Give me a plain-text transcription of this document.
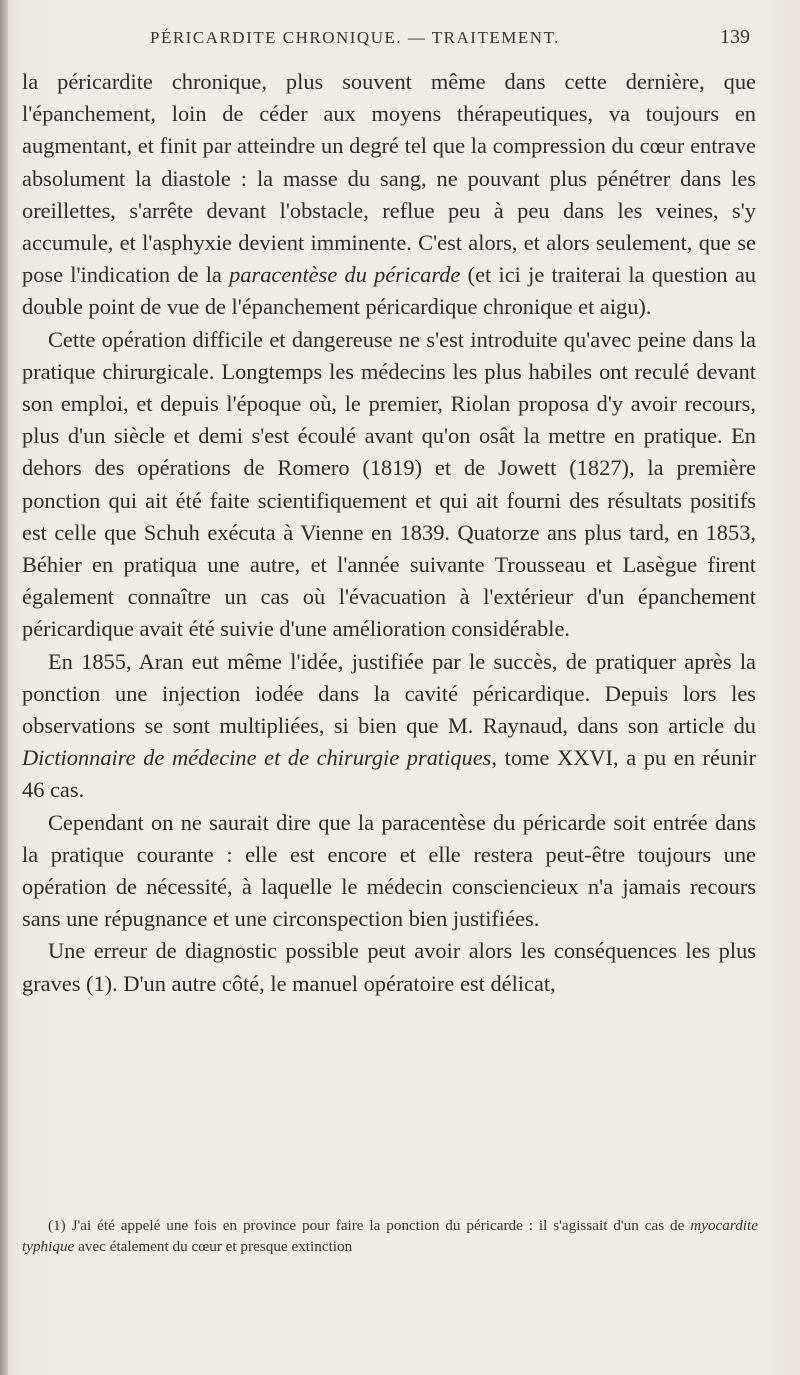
PÉRICARDITE CHRONIQUE. — TRAITEMENT.	139

la péricardite chronique, plus souvent même dans cette dernière, que l'épanchement, loin de céder aux moyens thérapeutiques, va toujours en augmentant, et finit par atteindre un degré tel que la compression du cœur entrave absolument la diastole : la masse du sang, ne pouvant plus pénétrer dans les oreillettes, s'arrête devant l'obstacle, reflue peu à peu dans les veines, s'y accumule, et l'asphyxie devient imminente. C'est alors, et alors seulement, que se pose l'indication de la paracentèse du péricarde (et ici je traiterai la question au double point de vue de l'épanchement péricardique chronique et aigu).

Cette opération difficile et dangereuse ne s'est introduite qu'avec peine dans la pratique chirurgicale. Longtemps les médecins les plus habiles ont reculé devant son emploi, et depuis l'époque où, le premier, Riolan proposa d'y avoir recours, plus d'un siècle et demi s'est écoulé avant qu'on osât la mettre en pratique. En dehors des opérations de Romero (1819) et de Jowett (1827), la première ponction qui ait été faite scientifiquement et qui ait fourni des résultats positifs est celle que Schuh exécuta à Vienne en 1839. Quatorze ans plus tard, en 1853, Béhier en pratiqua une autre, et l'année suivante Trousseau et Lasègue firent également connaître un cas où l'évacuation à l'extérieur d'un épanchement péricardique avait été suivie d'une amélioration considérable.

En 1855, Aran eut même l'idée, justifiée par le succès, de pratiquer après la ponction une injection iodée dans la cavité péricardique. Depuis lors les observations se sont multipliées, si bien que M. Raynaud, dans son article du Dictionnaire de médecine et de chirurgie pratiques, tome XXVI, a pu en réunir 46 cas.

Cependant on ne saurait dire que la paracentèse du péricarde soit entrée dans la pratique courante : elle est encore et elle restera peut-être toujours une opération de nécessité, à laquelle le médecin consciencieux n'a jamais recours sans une répugnance et une circonspection bien justifiées.

Une erreur de diagnostic possible peut avoir alors les conséquences les plus graves (1). D'un autre côté, le manuel opératoire est délicat,

(1) J'ai été appelé une fois en province pour faire la ponction du péricarde : il s'agissait d'un cas de myocardite typhique avec étalement du cœur et presque extinction
